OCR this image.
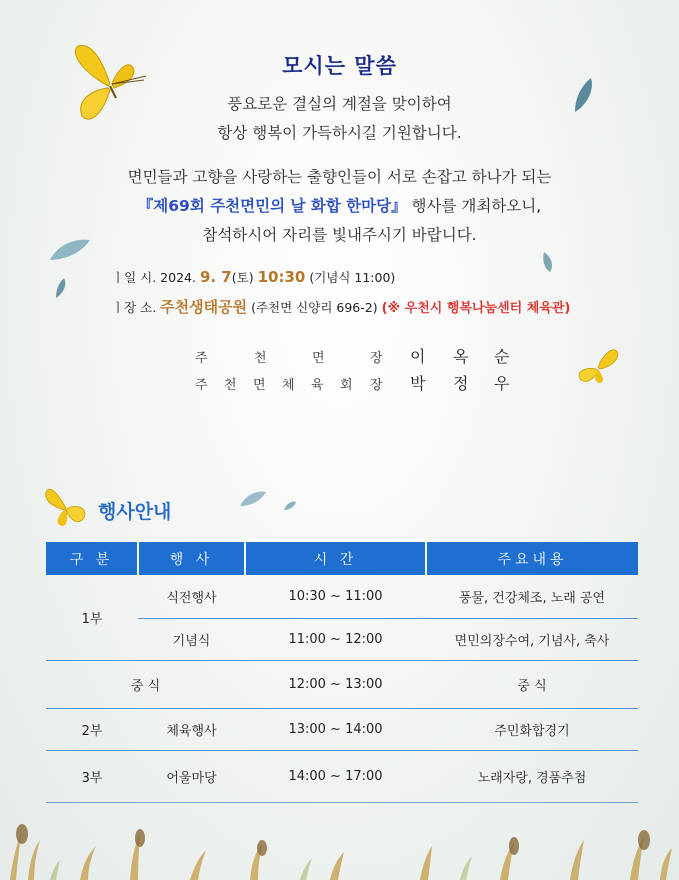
모시는 말씀
풍요로운 결실의 계절을 맞이하여
항상 행복이 가득하시길 기원합니다.
면민들과 고향을 사랑하는 출향인들이 서로 손잡고 하나가 되는
『제69회 주천면민의 날 화합 한마당』 행사를 개최하오니,
참석하시어 자리를 빛내주시기 바랍니다.
ㅣ일 시. 2024. 9. 7(토) 10:30 (기념식 11:00)
ㅣ장 소. 주천생태공원 (주천면 신양리 696-2) (※ 우천시 행복나눔센터 체육관)
주	천	면	장 이 옥 순
주 천 면 체 육 회 장 박 정 우
행사안내
구 분	행 사	시 간	주요내용
1부	식전행사	10:30 ~ 11:00	풍물, 건강체조, 노래 공연
	기념식	11:00 ~ 12:00	면민의장수여, 기념사, 축사
중 식		12:00 ~ 13:00	중 식
2부	체육행사	13:00 ~ 14:00	주민화합경기
3부	어울마당	14:00 ~ 17:00	노래자랑, 경품추첨
